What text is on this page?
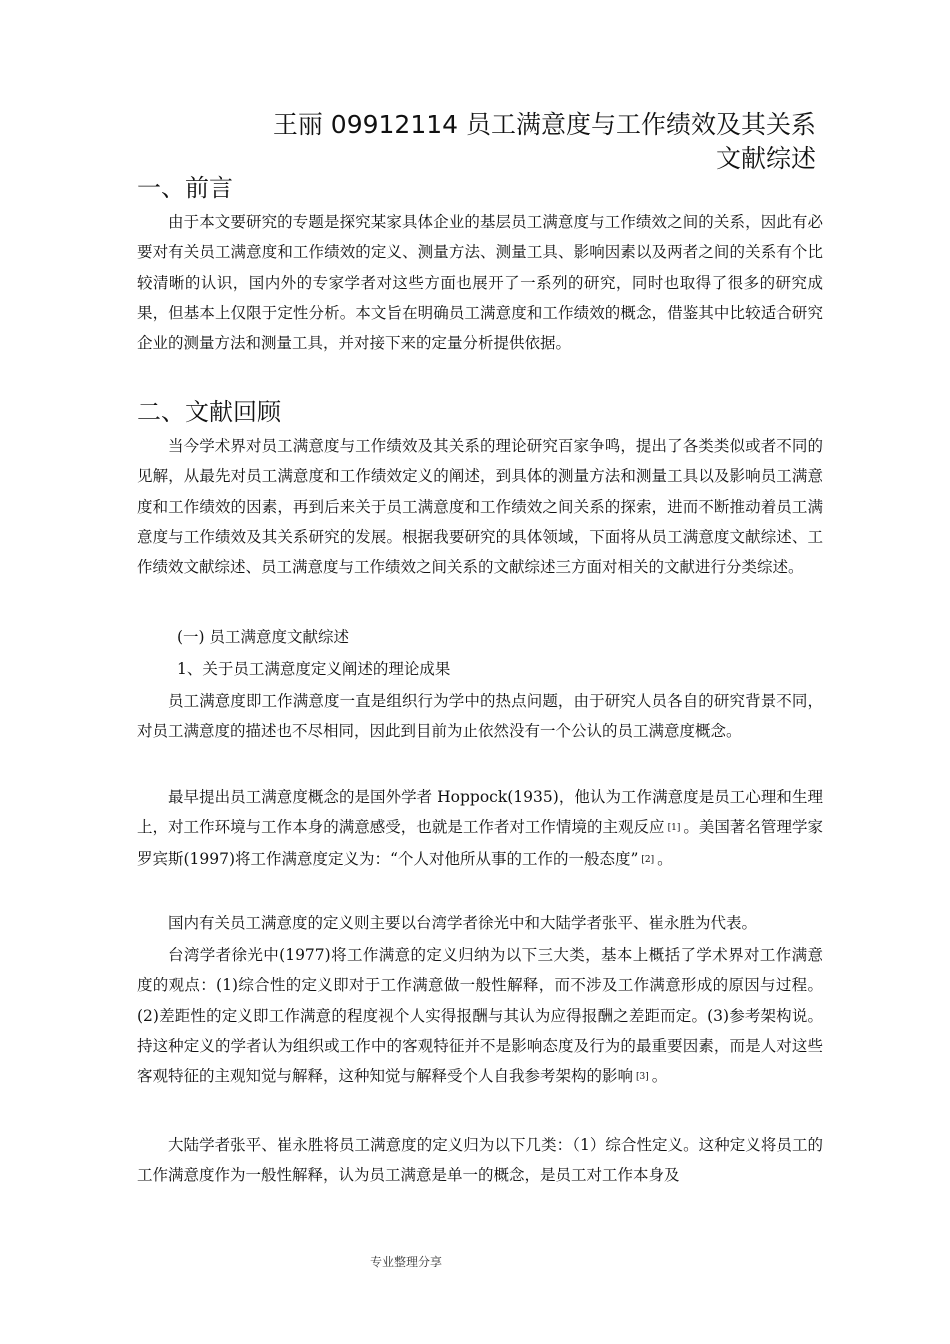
王丽 09912114 员工满意度与工作绩效及其关系
文献综述
一、前言

由于本文要研究的专题是探究某家具体企业的基层员工满意度与工作绩效之间的关系，因此有必要对有关员工满意度和工作绩效的定义、测量方法、测量工具、影响因素以及两者之间的关系有个比较清晰的认识，国内外的专家学者对这些方面也展开了一系列的研究，同时也取得了很多的研究成果，但基本上仅限于定性分析。本文旨在明确员工满意度和工作绩效的概念，借鉴其中比较适合研究企业的测量方法和测量工具，并对接下来的定量分析提供依据。

二、文献回顾

当今学术界对员工满意度与工作绩效及其关系的理论研究百家争鸣，提出了各类类似或者不同的见解，从最先对员工满意度和工作绩效定义的阐述，到具体的测量方法和测量工具以及影响员工满意度和工作绩效的因素，再到后来关于员工满意度和工作绩效之间关系的探索，进而不断推动着员工满意度与工作绩效及其关系研究的发展。根据我要研究的具体领域，下面将从员工满意度文献综述、工作绩效文献综述、员工满意度与工作绩效之间关系的文献综述三方面对相关的文献进行分类综述。

(一) 员工满意度文献综述
1、关于员工满意度定义阐述的理论成果

员工满意度即工作满意度一直是组织行为学中的热点问题，由于研究人员各自的研究背景不同，对员工满意度的描述也不尽相同，因此到目前为止依然没有一个公认的员工满意度概念。

最早提出员工满意度概念的是国外学者 Hoppock(1935)，他认为工作满意度是员工心理和生理上，对工作环境与工作本身的满意感受，也就是工作者对工作情境的主观反应 [1] 。美国著名管理学家罗宾斯(1997)将工作满意度定义为：“个人对他所从事的工作的一般态度” [2] 。

国内有关员工满意度的定义则主要以台湾学者徐光中和大陆学者张平、崔永胜为代表。

台湾学者徐光中(1977)将工作满意的定义归纳为以下三大类，基本上概括了学术界对工作满意度的观点：(1)综合性的定义即对于工作满意做一般性解释，而不涉及工作满意形成的原因与过程。(2)差距性的定义即工作满意的程度视个人实得报酬与其认为应得报酬之差距而定。(3)参考架构说。持这种定义的学者认为组织或工作中的客观特征并不是影响态度及行为的最重要因素，而是人对这些客观特征的主观知觉与解释，这种知觉与解释受个人自我参考架构的影响 [3] 。

大陆学者张平、崔永胜将员工满意度的定义归为以下几类：（1）综合性定义。这种定义将员工的工作满意度作为一般性解释，认为员工满意是单一的概念，是员工对工作本身及

专业整理分享
